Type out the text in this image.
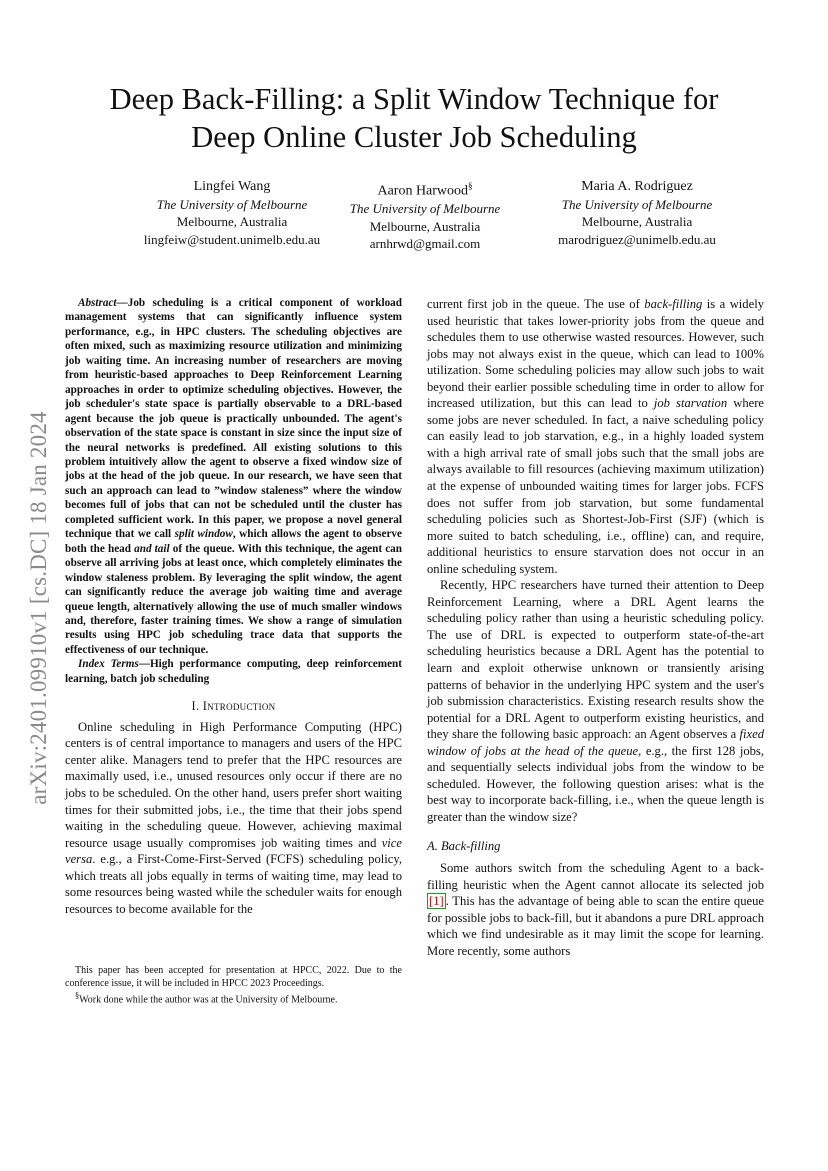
arXiv:2401.09910v1 [cs.DC] 18 Jan 2024
Deep Back-Filling: a Split Window Technique for
Deep Online Cluster Job Scheduling
Lingfei Wang
The University of Melbourne
Melbourne, Australia
lingfeiw@student.unimelb.edu.au
Aaron Harwood§
The University of Melbourne
Melbourne, Australia
arnhrwd@gmail.com
Maria A. Rodriguez
The University of Melbourne
Melbourne, Australia
marodriguez@unimelb.edu.au

Abstract—Job scheduling is a critical component of workload management systems that can significantly influence system performance, e.g., in HPC clusters. The scheduling objectives are often mixed, such as maximizing resource utilization and minimizing job waiting time. An increasing number of researchers are moving from heuristic-based approaches to Deep Reinforcement Learning approaches in order to optimize scheduling objectives. However, the job scheduler's state space is partially observable to a DRL-based agent because the job queue is practically unbounded. The agent's observation of the state space is constant in size since the input size of the neural networks is predefined. All existing solutions to this problem intuitively allow the agent to observe a fixed window size of jobs at the head of the job queue. In our research, we have seen that such an approach can lead to ”window staleness” where the window becomes full of jobs that can not be scheduled until the cluster has completed sufficient work. In this paper, we propose a novel general technique that we call split window, which allows the agent to observe both the head and tail of the queue. With this technique, the agent can observe all arriving jobs at least once, which completely eliminates the window staleness problem. By leveraging the split window, the agent can significantly reduce the average job waiting time and average queue length, alternatively allowing the use of much smaller windows and, therefore, faster training times. We show a range of simulation results using HPC job scheduling trace data that supports the effectiveness of our technique.

Index Terms—High performance computing, deep reinforcement learning, batch job scheduling

I. Introduction

Online scheduling in High Performance Computing (HPC) centers is of central importance to managers and users of the HPC center alike. Managers tend to prefer that the HPC resources are maximally used, i.e., unused resources only occur if there are no jobs to be scheduled. On the other hand, users prefer short waiting times for their submitted jobs, i.e., the time that their jobs spend waiting in the scheduling queue. However, achieving maximal resource usage usually compromises job waiting times and vice versa. e.g., a First-Come-First-Served (FCFS) scheduling policy, which treats all jobs equally in terms of waiting time, may lead to some resources being wasted while the scheduler waits for enough resources to become available for the

This paper has been accepted for presentation at HPCC, 2022. Due to the conference issue, it will be included in HPCC 2023 Proceedings.

§Work done while the author was at the University of Melbourne.

current first job in the queue. The use of back-filling is a widely used heuristic that takes lower-priority jobs from the queue and schedules them to use otherwise wasted resources. However, such jobs may not always exist in the queue, which can lead to 100% utilization. Some scheduling policies may allow such jobs to wait beyond their earlier possible scheduling time in order to allow for increased utilization, but this can lead to job starvation where some jobs are never scheduled. In fact, a naive scheduling policy can easily lead to job starvation, e.g., in a highly loaded system with a high arrival rate of small jobs such that the small jobs are always available to fill resources (achieving maximum utilization) at the expense of unbounded waiting times for larger jobs. FCFS does not suffer from job starvation, but some fundamental scheduling policies such as Shortest-Job-First (SJF) (which is more suited to batch scheduling, i.e., offline) can, and require, additional heuristics to ensure starvation does not occur in an online scheduling system.

Recently, HPC researchers have turned their attention to Deep Reinforcement Learning, where a DRL Agent learns the scheduling policy rather than using a heuristic scheduling policy. The use of DRL is expected to outperform state-of-the-art scheduling heuristics because a DRL Agent has the potential to learn and exploit otherwise unknown or transiently arising patterns of behavior in the underlying HPC system and the user's job submission characteristics. Existing research results show the potential for a DRL Agent to outperform existing heuristics, and they share the following basic approach: an Agent observes a fixed window of jobs at the head of the queue, e.g., the first 128 jobs, and sequentially selects individual jobs from the window to be scheduled. However, the following question arises: what is the best way to incorporate back-filling, i.e., when the queue length is greater than the window size?

A. Back-filling

Some authors switch from the scheduling Agent to a back-filling heuristic when the Agent cannot allocate its selected job [1] . This has the advantage of being able to scan the entire queue for possible jobs to back-fill, but it abandons a pure DRL approach which we find undesirable as it may limit the scope for learning. More recently, some authors
